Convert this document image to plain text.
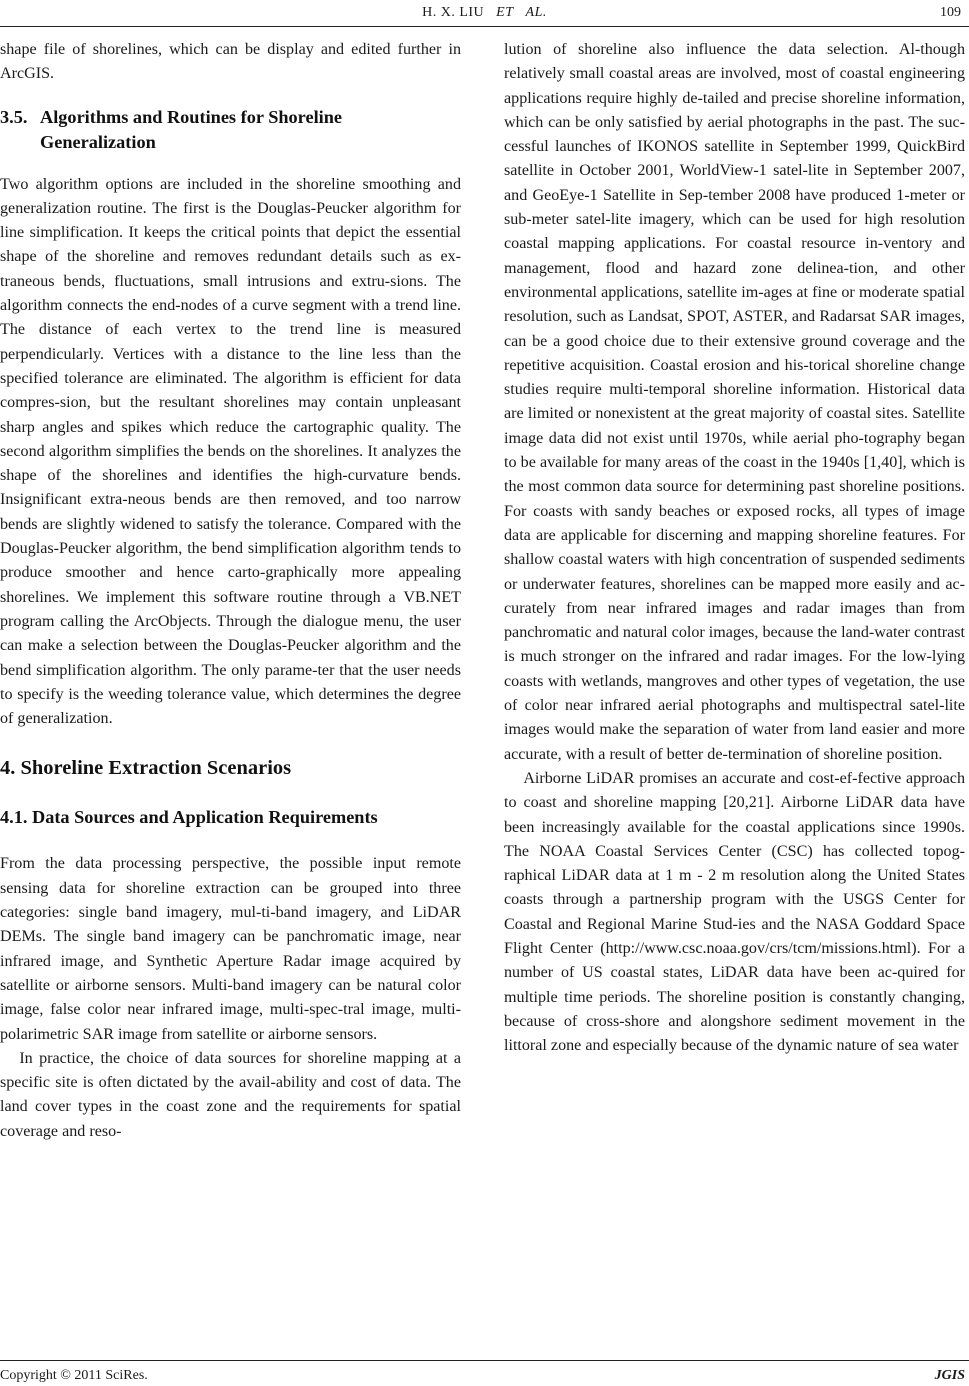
H. X. LIU ET AL.	109

shape file of shorelines, which can be display and edited further in ArcGIS.

3.5. Algorithms and Routines for Shoreline
Generalization

Two algorithm options are included in the shoreline smoothing and generalization routine. The first is the Douglas-Peucker algorithm for line simplification. It keeps the critical points that depict the essential shape of the shoreline and removes redundant details such as ex-traneous bends, fluctuations, small intrusions and extru-sions. The algorithm connects the end-nodes of a curve segment with a trend line. The distance of each vertex to the trend line is measured perpendicularly. Vertices with a distance to the line less than the specified tolerance are eliminated. The algorithm is efficient for data compres-sion, but the resultant shorelines may contain unpleasant sharp angles and spikes which reduce the cartographic quality. The second algorithm simplifies the bends on the shorelines. It analyzes the shape of the shorelines and identifies the high-curvature bends. Insignificant extra-neous bends are then removed, and too narrow bends are slightly widened to satisfy the tolerance. Compared with the Douglas-Peucker algorithm, the bend simplification algorithm tends to produce smoother and hence carto-graphically more appealing shorelines. We implement this software routine through a VB.NET program calling the ArcObjects. Through the dialogue menu, the user can make a selection between the Douglas-Peucker algorithm and the bend simplification algorithm. The only parame-ter that the user needs to specify is the weeding tolerance value, which determines the degree of generalization.

4. Shoreline Extraction Scenarios
4.1. Data Sources and Application Requirements

From the data processing perspective, the possible input remote sensing data for shoreline extraction can be grouped into three categories: single band imagery, mul-ti-band imagery, and LiDAR DEMs. The single band imagery can be panchromatic image, near infrared image, and Synthetic Aperture Radar image acquired by satellite or airborne sensors. Multi-band imagery can be natural color image, false color near infrared image, multi-spec-tral image, multi-polarimetric SAR image from satellite or airborne sensors.

In practice, the choice of data sources for shoreline mapping at a specific site is often dictated by the avail-ability and cost of data. The land cover types in the coast zone and the requirements for spatial coverage and reso-

lution of shoreline also influence the data selection. Al-though relatively small coastal areas are involved, most of coastal engineering applications require highly de-tailed and precise shoreline information, which can be only satisfied by aerial photographs in the past. The suc-cessful launches of IKONOS satellite in September 1999, QuickBird satellite in October 2001, WorldView-1 satel-lite in September 2007, and GeoEye-1 Satellite in Sep-tember 2008 have produced 1-meter or sub-meter satel-lite imagery, which can be used for high resolution coastal mapping applications. For coastal resource in-ventory and management, flood and hazard zone delinea-tion, and other environmental applications, satellite im-ages at fine or moderate spatial resolution, such as Landsat, SPOT, ASTER, and Radarsat SAR images, can be a good choice due to their extensive ground coverage and the repetitive acquisition. Coastal erosion and his-torical shoreline change studies require multi-temporal shoreline information. Historical data are limited or nonexistent at the great majority of coastal sites. Satellite image data did not exist until 1970s, while aerial pho-tography began to be available for many areas of the coast in the 1940s [1,40], which is the most common data source for determining past shoreline positions. For coasts with sandy beaches or exposed rocks, all types of image data are applicable for discerning and mapping shoreline features. For shallow coastal waters with high concentration of suspended sediments or underwater features, shorelines can be mapped more easily and ac-curately from near infrared images and radar images than from panchromatic and natural color images, because the land-water contrast is much stronger on the infrared and radar images. For the low-lying coasts with wetlands, mangroves and other types of vegetation, the use of color near infrared aerial photographs and multispectral satel-lite images would make the separation of water from land easier and more accurate, with a result of better de-termination of shoreline position.

Airborne LiDAR promises an accurate and cost-ef-fective approach to coast and shoreline mapping [20,21]. Airborne LiDAR data have been increasingly available for the coastal applications since 1990s. The NOAA Coastal Services Center (CSC) has collected topog-raphical LiDAR data at 1 m - 2 m resolution along the United States coasts through a partnership program with the USGS Center for Coastal and Regional Marine Stud-ies and the NASA Goddard Space Flight Center (http://www.csc.noaa.gov/crs/tcm/missions.html). For a number of US coastal states, LiDAR data have been ac-quired for multiple time periods. The shoreline position is constantly changing, because of cross-shore and alongshore sediment movement in the littoral zone and especially because of the dynamic nature of sea water

Copyright © 2011 SciRes.	JGIS
